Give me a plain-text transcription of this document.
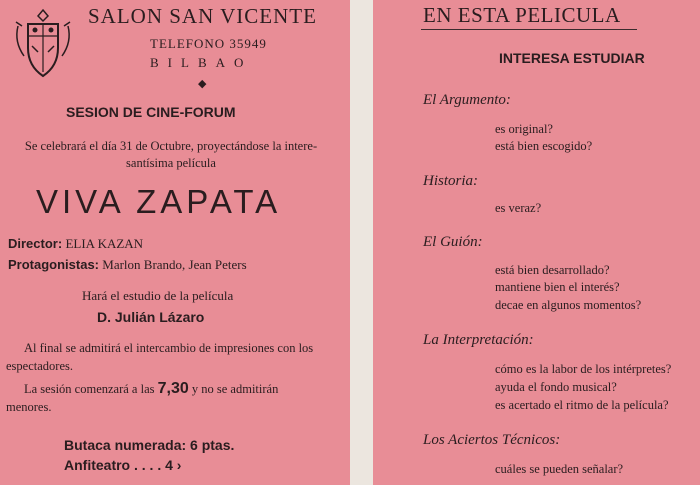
SALON SAN VICENTE
TELEFONO 35949
BILBAO
◆
SESION DE CINE-FORUM
Se celebrará el día 31 de Octubre, proyectándose la intere-
santísima película
VIVA ZAPATA
Director: ELIA KAZAN
Protagonistas: Marlon Brando, Jean Peters
Hará el estudio de la película
D. Julián Lázaro
Al final se admitirá el intercambio de impresiones con los espectadores.
La sesión comenzará a las 7,30 y no se admitirán menores.
Butaca numerada: 6 ptas.
Anfiteatro . . . . 4 ›
EN ESTA PELICULA
INTERESA ESTUDIAR
El Argumento:
es original?
está bien escogido?
Historia:
es veraz?
El Guión:
está bien desarrollado?
mantiene bien el interés?
decae en algunos momentos?
La Interpretación:
cómo es la labor de los intérpretes?
ayuda el fondo musical?
es acertado el ritmo de la película?
Los Aciertos Técnicos:
cuáles se pueden señalar?
